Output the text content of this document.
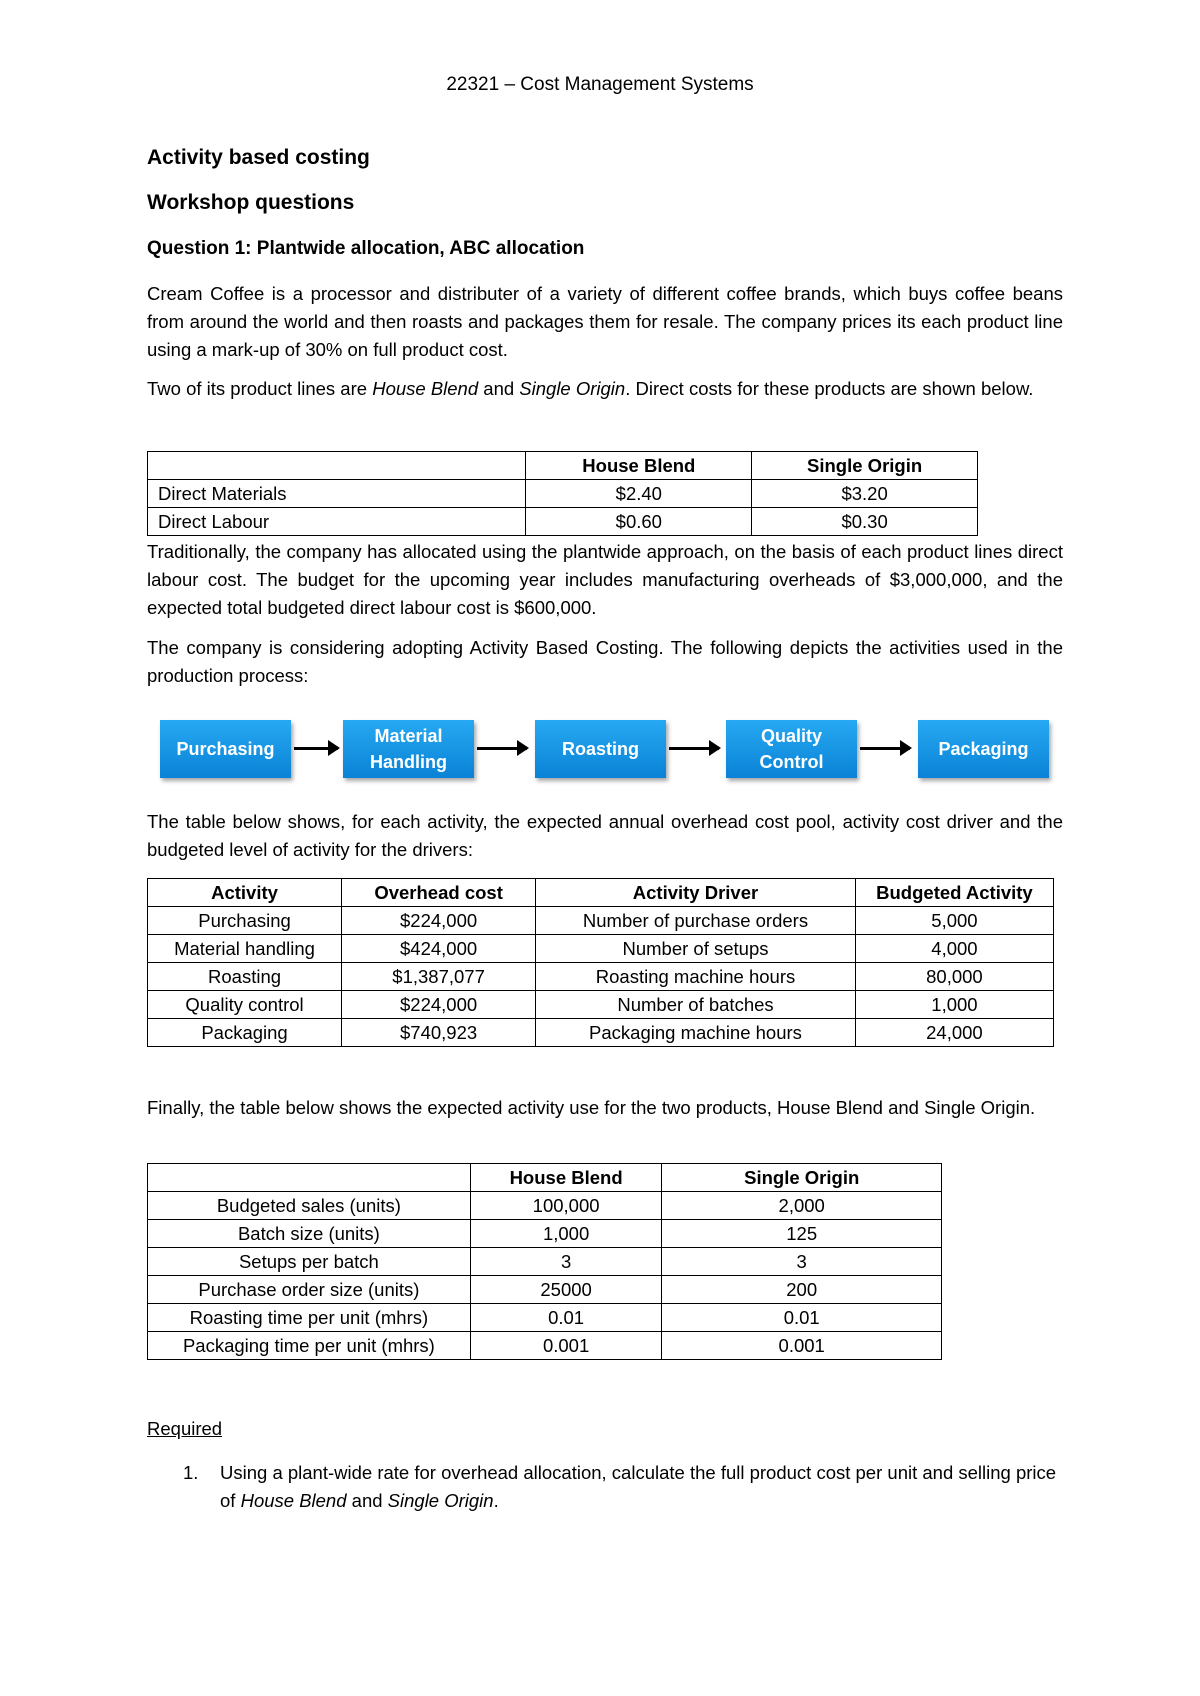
22321 – Cost Management Systems
Activity based costing
Workshop questions
Question 1: Plantwide allocation, ABC allocation

Cream Coffee is a processor and distributer of a variety of different coffee brands, which buys coffee beans from around the world and then roasts and packages them for resale. The company prices its each product line using a mark-up of 30% on full product cost.

Two of its product lines are House Blend and Single Origin. Direct costs for these products are shown below.

	House Blend	Single Origin
Direct Materials	$2.40	$3.20
Direct Labour	$0.60	$0.30

Traditionally, the company has allocated using the plantwide approach, on the basis of each product lines direct labour cost. The budget for the upcoming year includes manufacturing overheads of $3,000,000, and the expected total budgeted direct labour cost is $600,000.

The company is considering adopting Activity Based Costing. The following depicts the activities used in the production process:

Purchasing
Material
Handling
Roasting
Quality
Control
Packaging

The table below shows, for each activity, the expected annual overhead cost pool, activity cost driver and the budgeted level of activity for the drivers:

Activity	Overhead cost	Activity Driver	Budgeted Activity
Purchasing	$224,000	Number of purchase orders	5,000
Material handling	$424,000	Number of setups	4,000
Roasting	$1,387,077	Roasting machine hours	80,000
Quality control	$224,000	Number of batches	1,000
Packaging	$740,923	Packaging machine hours	24,000

Finally, the table below shows the expected activity use for the two products, House Blend and Single Origin.

	House Blend	Single Origin
Budgeted sales (units)	100,000	2,000
Batch size (units)	1,000	125
Setups per batch	3	3
Purchase order size (units)	25000	200
Roasting time per unit (mhrs)	0.01	0.01
Packaging time per unit (mhrs)	0.001	0.001
Required
1. Using a plant-wide rate for overhead allocation, calculate the full product cost per unit and selling price of House Blend and Single Origin.
